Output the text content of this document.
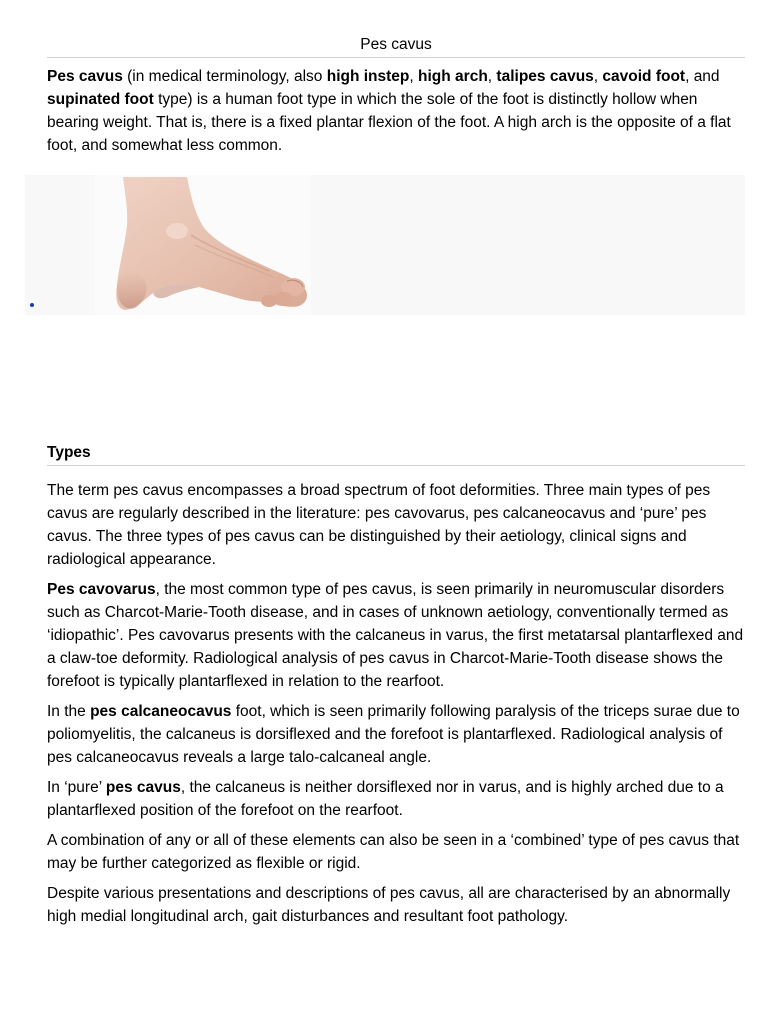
Pes cavus

Pes cavus (in medical terminology, also high instep, high arch, talipes cavus, cavoid foot, and supinated foot type) is a human foot type in which the sole of the foot is distinctly hollow when bearing weight. That is, there is a fixed plantar flexion of the foot. A high arch is the opposite of a flat foot, and somewhat less common.

Types

The term pes cavus encompasses a broad spectrum of foot deformities. Three main types of pes cavus are regularly described in the literature: pes cavovarus, pes calcaneocavus and ‘pure’ pes cavus. The three types of pes cavus can be distinguished by their aetiology, clinical signs and radiological appearance.

Pes cavovarus, the most common type of pes cavus, is seen primarily in neuromuscular disorders such as Charcot-Marie-Tooth disease, and in cases of unknown aetiology, conventionally termed as ‘idiopathic’. Pes cavovarus presents with the calcaneus in varus, the first metatarsal plantarflexed and a claw-toe deformity. Radiological analysis of pes cavus in Charcot-Marie-Tooth disease shows the forefoot is typically plantarflexed in relation to the rearfoot.

In the pes calcaneocavus foot, which is seen primarily following paralysis of the triceps surae due to poliomyelitis, the calcaneus is dorsiflexed and the forefoot is plantarflexed. Radiological analysis of pes calcaneocavus reveals a large talo-calcaneal angle.

In ‘pure’ pes cavus, the calcaneus is neither dorsiflexed nor in varus, and is highly arched due to a plantarflexed position of the forefoot on the rearfoot.

A combination of any or all of these elements can also be seen in a ‘combined’ type of pes cavus that may be further categorized as flexible or rigid.

Despite various presentations and descriptions of pes cavus, all are characterised by an abnormally high medial longitudinal arch, gait disturbances and resultant foot pathology.
